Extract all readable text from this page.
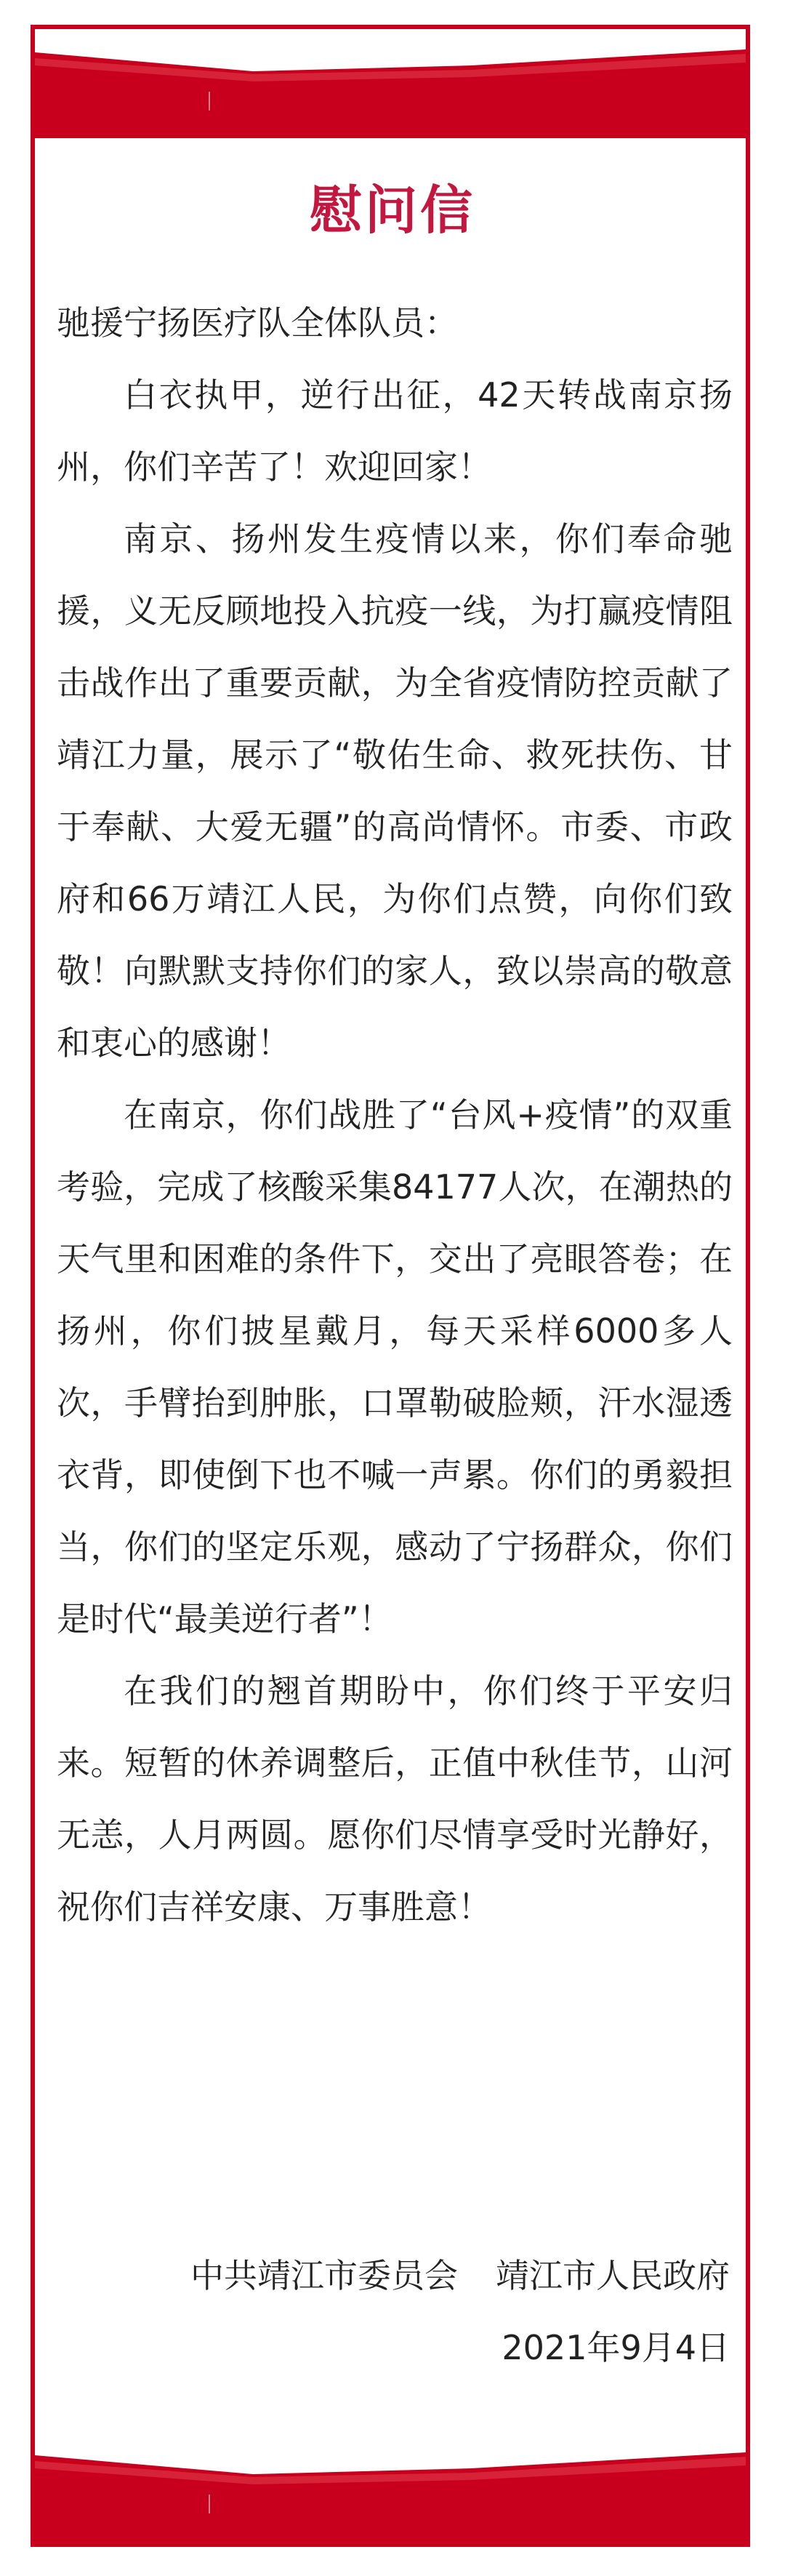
慰问信

驰援宁扬医疗队全体队员：

白衣执甲，逆行出征，42天转战南京扬州，你们辛苦了！欢迎回家！

南京、扬州发生疫情以来，你们奉命驰援，义无反顾地投入抗疫一线，为打赢疫情阻击战作出了重要贡献，为全省疫情防控贡献了靖江力量，展示了“敬佑生命、救死扶伤、甘于奉献、大爱无疆”的高尚情怀。市委、市政府和66万靖江人民，为你们点赞，向你们致敬！向默默支持你们的家人，致以崇高的敬意和衷心的感谢！

在南京，你们战胜了“台风+疫情”的双重考验，完成了核酸采集84177人次，在潮热的天气里和困难的条件下，交出了亮眼答卷；在扬州，你们披星戴月，每天采样6000多人次，手臂抬到肿胀，口罩勒破脸颊，汗水湿透衣背，即使倒下也不喊一声累。你们的勇毅担当，你们的坚定乐观，感动了宁扬群众，你们是时代“最美逆行者”！

在我们的翘首期盼中，你们终于平安归来。短暂的休养调整后，正值中秋佳节，山河无恙，人月两圆。愿你们尽情享受时光静好，祝你们吉祥安康、万事胜意！

中共靖江市委员会 靖江市人民政府
2021年9月4日
